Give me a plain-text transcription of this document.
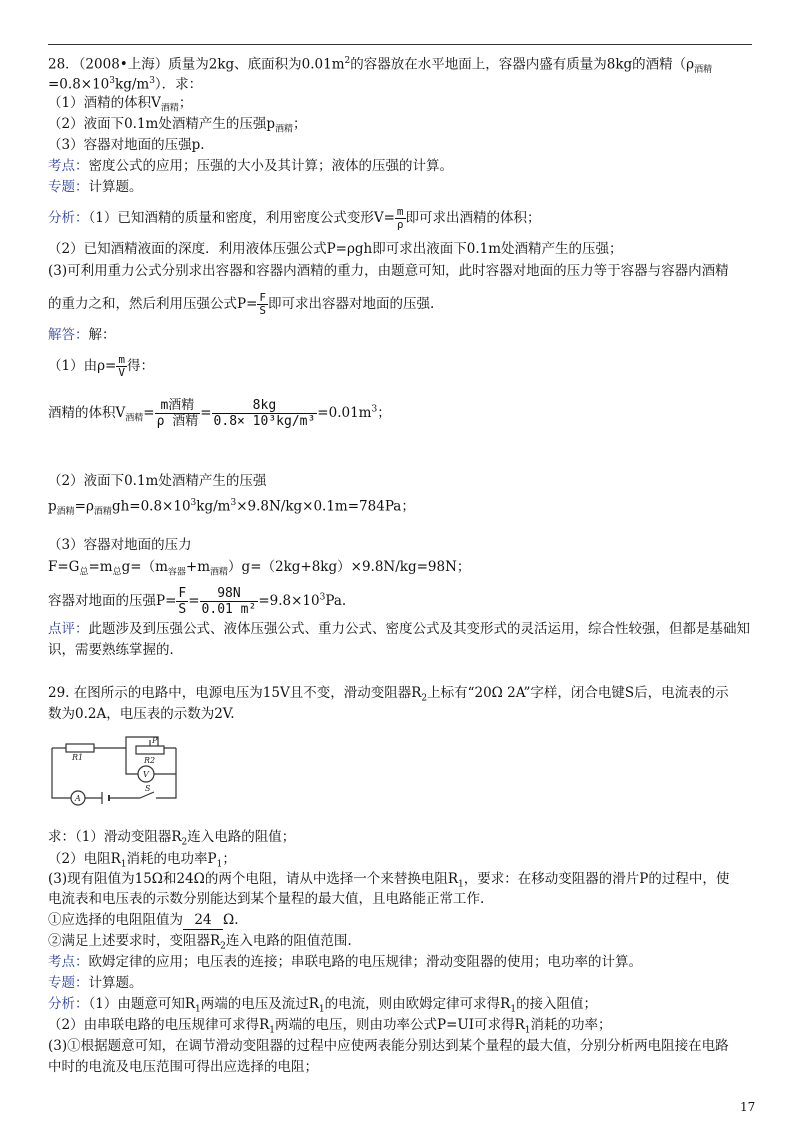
28．（2008•上海）质量为2kg、底面积为$0.01m^2$的容器放在水平地面上，容器内盛有质量为8kg的酒精（$\rho_{酒精}$
$=0.8\times 10^3kg/m^3$）．求：
（1）酒精的体积$V_{酒精}$；
（2）液面下0.1m处酒精产生的压强$p_{酒精}$；
（3）容器对地面的压强p.
考点：密度公式的应用；压强的大小及其计算；液体的压强的计算。
专题：计算题。
分析：（1）已知酒精的质量和密度，利用密度公式变形$V= \frac{m}{\rho}$ 即可求出酒精的体积；
（2）已知酒精液面的深度．利用液体压强公式P=ρgh即可求出液面下0.1m处酒精产生的压强；
(3)可利用重力公式分别求出容器和容器内酒精的重力，由题意可知，此时容器对地面的压力等于容器与容器内酒精
的重力之和，然后利用压强公式$P= \frac{F}{S}$ 即可求出容器对地面的压强.
解答：解：
（1）由$\rho= \frac{m}{V}$ 得：
酒精的体积$V_{酒精}= \frac{\text{m酒精}}{\text{ρ 酒精}} = \frac{8kg}{\text{0.8× 10³kg/m³}} =0.01m^3$；
（2）液面下0.1m处酒精产生的压强
$p_{酒精}=\rho_{酒精}gh=0.8\times 10^3kg/m^3\times 9.8N/kg\times 0.1m=784Pa$；
（3）容器对地面的压力
$F=G_总=m_总g=(m_{容器}+m_{酒精})g=(2kg+8kg)\times 9.8N/kg=98N$；
容器对地面的压强$P= \frac{F}{S} = \frac{98N}{\text{0.01 m²}} =9.8\times 10^3Pa$.
点评：此题涉及到压强公式、液体压强公式、重力公式、密度公式及其变形式的灵活运用，综合性较强，但都是基础知
识，需要熟练掌握的．
29. 在图所示的电路中，电源电压为15V且不变，滑动变阻器$R_2$上标有“20Ω 2A”字样，闭合电键S后，电流表的示
数为0.2A，电压表的示数为2V.
R1	R2
P
V
A
S
求：（1）滑动变阻器$R_2$连入电路的阻值；
（2）电阻$R_1$消耗的电功率$P_1$；
(3)现有阻值为15Ω和24Ω的两个电阻，请从中选择一个来替换电阻$R_1$，要求：在移动变阻器的滑片P的过程中，使
电流表和电压表的示数分别能达到某个量程的最大值，且电路能正常工作.
①应选择的电阻阻值为 24 Ω.
②满足上述要求时，变阻器$R_2$连入电路的阻值范围.
考点：欧姆定律的应用；电压表的连接；串联电路的电压规律；滑动变阻器的使用；电功率的计算。
专题：计算题。
分析：（1）由题意可知$R_1$两端的电压及流过$R_1$的电流，则由欧姆定律可求得$R_1$的接入阻值；
（2）由串联电路的电压规律可求得$R_1$两端的电压，则由功率公式P=UI可求得$R_1$消耗的功率；
(3)①根据题意可知，在调节滑动变阻器的过程中应使两表能分别达到某个量程的最大值，分别分析两电阻接在电路
中时的电流及电压范围可得出应选择的电阻；
17
